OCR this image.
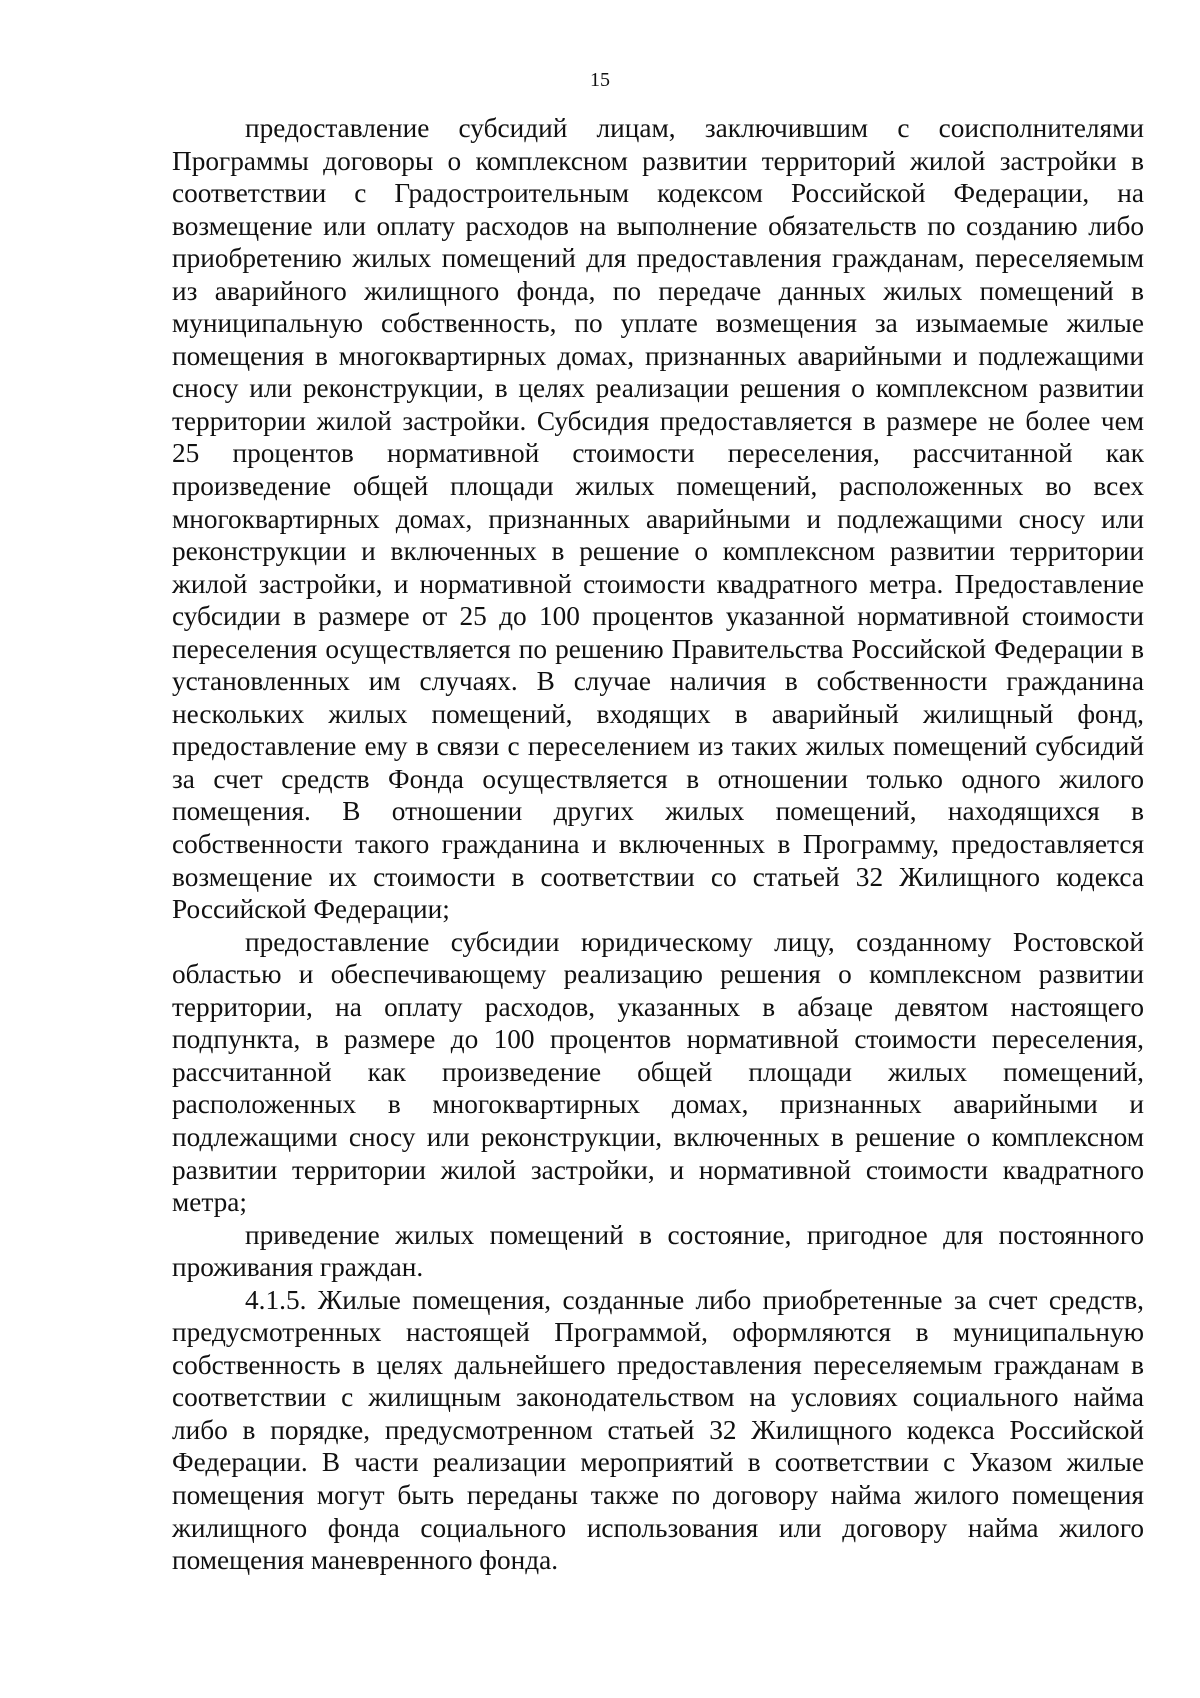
15

предоставление субсидий лицам, заключившим с соисполнителями Программы договоры о комплексном развитии территорий жилой застройки в соответствии с Градостроительным кодексом Российской Федерации, на возмещение или оплату расходов на выполнение обязательств по созданию либо приобретению жилых помещений для предоставления гражданам, переселяемым из аварийного жилищного фонда, по передаче данных жилых помещений в муниципальную собственность, по уплате возмещения за изымаемые жилые помещения в многоквартирных домах, признанных аварийными и подлежащими сносу или реконструкции, в целях реализации решения о комплексном развитии территории жилой застройки. Субсидия предоставляется в размере не более чем 25 процентов нормативной стоимости переселения, рассчитанной как произведение общей площади жилых помещений, расположенных во всех многоквартирных домах, признанных аварийными и подлежащими сносу или реконструкции и включенных в решение о комплексном развитии территории жилой застройки, и нормативной стоимости квадратного метра. Предоставление субсидии в размере от 25 до 100 процентов указанной нормативной стоимости переселения осуществляется по решению Правительства Российской Федерации в установленных им случаях. В случае наличия в собственности гражданина нескольких жилых помещений, входящих в аварийный жилищный фонд, предоставление ему в связи с переселением из таких жилых помещений субсидий за счет средств Фонда осуществляется в отношении только одного жилого помещения. В отношении других жилых помещений, находящихся в собственности такого гражданина и включенных в Программу, предоставляется возмещение их стоимости в соответствии со статьей 32 Жилищного кодекса Российской Федерации;

предоставление субсидии юридическому лицу, созданному Ростовской областью и обеспечивающему реализацию решения о комплексном развитии территории, на оплату расходов, указанных в абзаце девятом настоящего подпункта, в размере до 100 процентов нормативной стоимости переселения, рассчитанной как произведение общей площади жилых помещений, расположенных в многоквартирных домах, признанных аварийными и подлежащими сносу или реконструкции, включенных в решение о комплексном развитии территории жилой застройки, и нормативной стоимости квадратного метра;

приведение жилых помещений в состояние, пригодное для постоянного проживания граждан.

4.1.5. Жилые помещения, созданные либо приобретенные за счет средств, предусмотренных настоящей Программой, оформляются в муниципальную собственность в целях дальнейшего предоставления переселяемым гражданам в соответствии с жилищным законодательством на условиях социального найма либо в порядке, предусмотренном статьей 32 Жилищного кодекса Российской Федерации. В части реализации мероприятий в соответствии с Указом жилые помещения могут быть переданы также по договору найма жилого помещения жилищного фонда социального использования или договору найма жилого помещения маневренного фонда.
